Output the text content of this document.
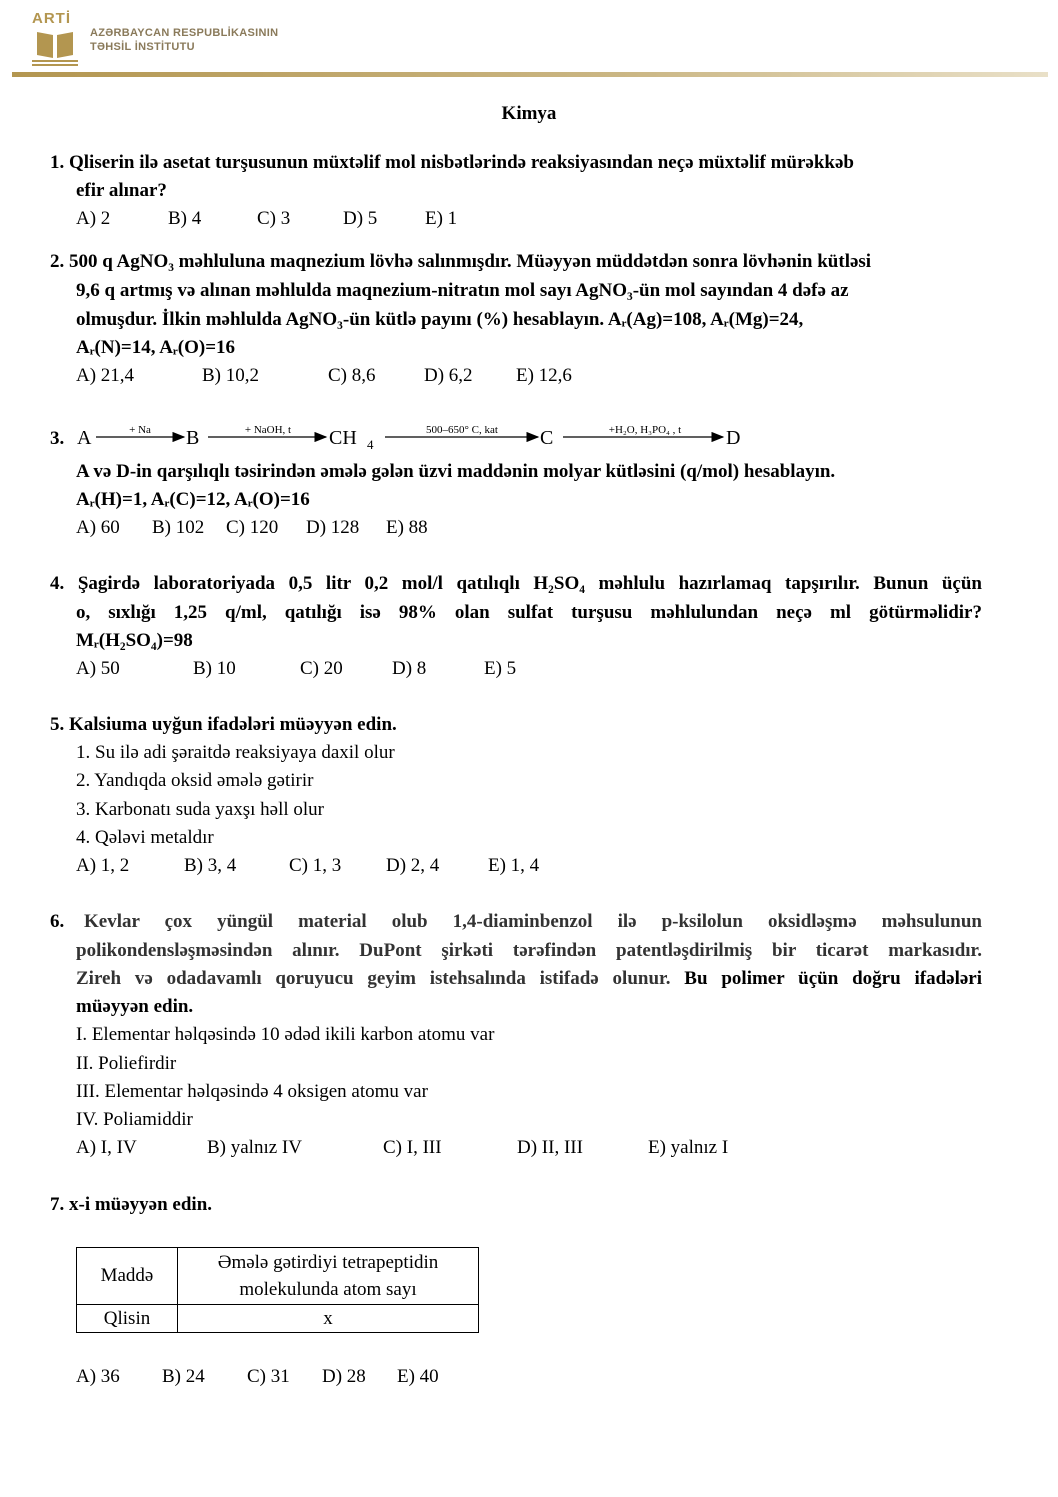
ARTİ
AZƏRBAYCAN RESPUBLİKASININ
TƏHSİL İNSTİTUTU
Kimya
1. Qliserin ilə asetat turşusunun müxtəlif mol nisbətlərində reaksiyasından neçə müxtəlif mürəkkəb
efir alınar?
A) 2	B) 4	C) 3	D) 5	E) 1
2. 500 q AgNO₃ məhluluna maqnezium lövhə salınmışdır. Müəyyən müddətdən sonra lövhənin kütləsi
9,6 q artmış və alınan məhlulda maqnezium-nitratın mol sayı AgNO₃-ün mol sayından 4 dəfə az
olmuşdur. İlkin məhlulda AgNO₃-ün kütlə payını (%) hesablayın. Aᵣ(Ag)=108, Aᵣ(Mg)=24,
Aᵣ(N)=14, Aᵣ(O)=16
A) 21,4	B) 10,2	C) 8,6	D) 6,2 E) 12,6
3. A	+ Na B	+ NaOH, t CH 4
500–650° C, kat C	+H₂O, H₃PO₄ , t D
A və D-in qarşılıqlı təsirindən əmələ gələn üzvi maddənin molyar kütləsini (q/mol) hesablayın.
Aᵣ(H)=1, Aᵣ(C)=12, Aᵣ(O)=16
A) 60 B) 102 C) 120 D) 128 E) 88
4. Şagirdə laboratoriyada 0,5 litr 0,2 mol/l qatılıqlı H₂SO₄ məhlulu hazırlamaq tapşırılır. Bunun üçün
o, sıxlığı 1,25 q/ml, qatılığı isə 98% olan sulfat turşusu məhlulundan neçə ml götürməlidir?
Mᵣ(H₂SO₄)=98
A) 50	B) 10	C) 20	D) 8	E) 5
5. Kalsiuma uyğun ifadələri müəyyən edin.
1. Su ilə adi şəraitdə reaksiyaya daxil olur
2. Yandıqda oksid əmələ gətirir
3. Karbonatı suda yaxşı həll olur
4. Qələvi metaldır
A) 1, 2	B) 3, 4	C) 1, 3 D) 2, 4	E) 1, 4
6. Kevlar çox yüngül material olub 1,4-diaminbenzol ilə p-ksilolun oksidləşmə məhsulunun
polikondensləşməsindən alınır. DuPont şirkəti tərəfindən patentləşdirilmiş bir ticarət markasıdır.
Zireh və odadavamlı qoruyucu geyim istehsalında istifadə olunur. Bu polimer üçün doğru ifadələri
müəyyən edin.
I. Elementar həlqəsində 10 ədəd ikili karbon atomu var
II. Poliefirdir
III. Elementar həlqəsində 4 oksigen atomu var
IV. Poliamiddir
A) I, IV	B) yalnız IV	C) I, III	D) II, III	E) yalnız I
7. x-i müəyyən edin.
Maddə	Əmələ gətirdiyi tetrapeptidin
molekulunda atom sayı

Qlisin	x
A) 36 B) 24 C) 31 D) 28 E) 40
